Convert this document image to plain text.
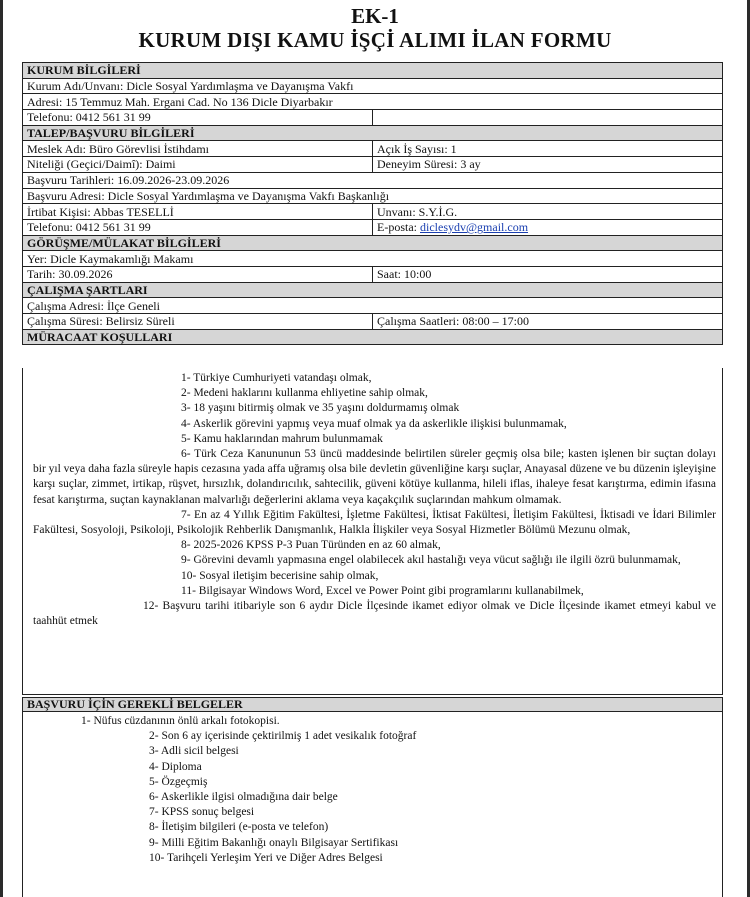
EK-1
KURUM DIŞI KAMU İŞÇİ ALIMI İLAN FORMU
KURUM BİLGİLERİ	
Kurum Adı/Unvanı: Dicle Sosyal Yardımlaşma ve Dayanışma Vakfı	
Adresi: 15 Temmuz Mah. Ergani Cad. No 136 Dicle Diyarbakır	
Telefonu: 0412 561 31 99	
TALEP/BAŞVURU BİLGİLERİ	
Meslek Adı: Büro Görevlisi İstihdamı	Açık İş Sayısı: 1
Niteliği (Geçici/Daimî): Daimi	Deneyim Süresi: 3 ay
Başvuru Tarihleri: 16.09.2026-23.09.2026	
Başvuru Adresi: Dicle Sosyal Yardımlaşma ve Dayanışma Vakfı Başkanlığı	
İrtibat Kişisi: Abbas TESELLİ	Unvanı: S.Y.İ.G.
Telefonu: 0412 561 31 99	E-posta: diclesydv@gmail.com
GÖRÜŞME/MÜLAKAT BİLGİLERİ	
Yer: Dicle Kaymakamlığı Makamı	
Tarih: 30.09.2026	Saat: 10:00
ÇALIŞMA ŞARTLARI	
Çalışma Adresi: İlçe Geneli	
Çalışma Süresi: Belirsiz Süreli	Çalışma Saatleri: 08:00 – 17:00
MÜRACAAT KOŞULLARI	

1- Türkiye Cumhuriyeti vatandaşı olmak,

2- Medeni haklarını kullanma ehliyetine sahip olmak,

3- 18 yaşını bitirmiş olmak ve 35 yaşını doldurmamış olmak

4- Askerlik görevini yapmış veya muaf olmak ya da askerlikle ilişkisi bulunmamak,

5- Kamu haklarından mahrum bulunmamak

6- Türk Ceza Kanununun 53 üncü maddesinde belirtilen süreler geçmiş olsa bile; kasten işlenen bir suçtan dolayı bir yıl veya daha fazla süreyle hapis cezasına yada affa uğramış olsa bile devletin güvenliğine karşı suçlar, Anayasal düzene ve bu düzenin işleyişine karşı suçlar, zimmet, irtikap, rüşvet, hırsızlık, dolandırıcılık, sahtecilik, güveni kötüye kullanma, hileli iflas, ihaleye fesat karıştırma, edimin ifasına fesat karıştırma, suçtan kaynaklanan malvarlığı değerlerini aklama veya kaçakçılık suçlarından mahkum olmamak.

7- En az 4 Yıllık Eğitim Fakültesi, İşletme Fakültesi, İktisat Fakültesi, İletişim Fakültesi, İktisadi ve İdari Bilimler Fakültesi, Sosyoloji, Psikoloji, Psikolojik Rehberlik Danışmanlık, Halkla İlişkiler veya Sosyal Hizmetler Bölümü Mezunu olmak,

8- 2025-2026 KPSS P-3 Puan Türünden en az 60 almak,

9- Görevini devamlı yapmasına engel olabilecek akıl hastalığı veya vücut sağlığı ile ilgili özrü bulunmamak,

10- Sosyal iletişim becerisine sahip olmak,

11- Bilgisayar Windows Word, Excel ve Power Point gibi programlarını kullanabilmek,

12- Başvuru tarihi itibariyle son 6 aydır Dicle İlçesinde ikamet ediyor olmak ve Dicle İlçesinde ikamet etmeyi kabul ve taahhüt etmek

BAŞVURU İÇİN GEREKLİ BELGELER

1- Nüfus cüzdanının önlü arkalı fotokopisi.

2- Son 6 ay içerisinde çektirilmiş 1 adet vesikalık fotoğraf

3- Adli sicil belgesi

4- Diploma

5- Özgeçmiş

6- Askerlikle ilgisi olmadığına dair belge

7- KPSS sonuç belgesi

8- İletişim bilgileri (e-posta ve telefon)

9- Milli Eğitim Bakanlığı onaylı Bilgisayar Sertifikası

10- Tarihçeli Yerleşim Yeri ve Diğer Adres Belgesi
